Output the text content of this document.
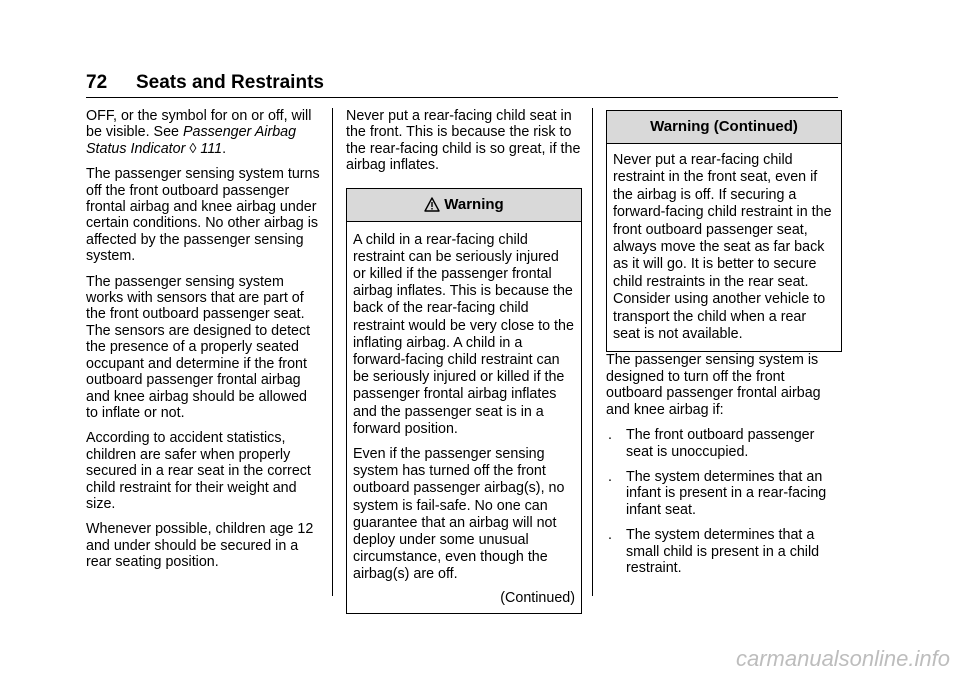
72 Seats and Restraints

OFF, or the symbol for on or off, will be visible. See Passenger Airbag Status Indicator ◊ 111.

The passenger sensing system turns off the front outboard passenger frontal airbag and knee airbag under certain conditions. No other airbag is affected by the passenger sensing system.

The passenger sensing system works with sensors that are part of the front outboard passenger seat. The sensors are designed to detect the presence of a properly seated occupant and determine if the front outboard passenger frontal airbag and knee airbag should be allowed to inflate or not.

According to accident statistics, children are safer when properly secured in a rear seat in the correct child restraint for their weight and size.

Whenever possible, children age 12 and under should be secured in a rear seating position.

Never put a rear-facing child seat in the front. This is because the risk to the rear-facing child is so great, if the airbag inflates.

Warning

A child in a rear-facing child restraint can be seriously injured or killed if the passenger frontal airbag inflates. This is because the back of the rear-facing child restraint would be very close to the inflating airbag. A child in a forward-facing child restraint can be seriously injured or killed if the passenger frontal airbag inflates and the passenger seat is in a forward position.

Even if the passenger sensing system has turned off the front outboard passenger airbag(s), no system is fail-safe. No one can guarantee that an airbag will not deploy under some unusual circumstance, even though the airbag(s) are off.

(Continued)
Warning (Continued)

Never put a rear-facing child restraint in the front seat, even if the airbag is off. If securing a forward-facing child restraint in the front outboard passenger seat, always move the seat as far back as it will go. It is better to secure child restraints in the rear seat. Consider using another vehicle to transport the child when a rear seat is not available.

The passenger sensing system is designed to turn off the front outboard passenger frontal airbag and knee airbag if:

. The front outboard passenger seat is unoccupied.
. The system determines that an infant is present in a rear-facing infant seat.
. The system determines that a small child is present in a child restraint.
carmanualsonline.info
